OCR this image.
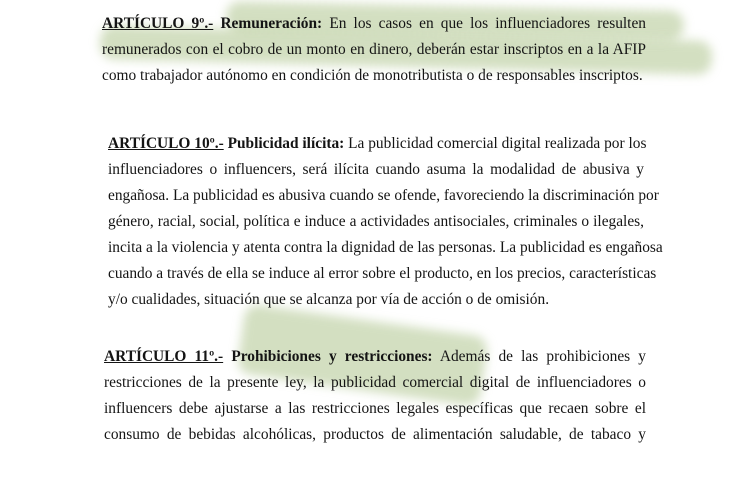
ARTÍCULO 9º.- Remuneración: En los casos en que los influenciadores resulten
remunerados con el cobro de un monto en dinero, deberán estar inscriptos en a la AFIP
como trabajador autónomo en condición de monotributista o de responsables inscriptos.

ARTÍCULO 10º.- Publicidad ilícita: La publicidad comercial digital realizada por los
influenciadores o influencers, será ilícita cuando asuma la modalidad de abusiva y
engañosa. La publicidad es abusiva cuando se ofende, favoreciendo la discriminación por
género, racial, social, política e induce a actividades antisociales, criminales o ilegales,
incita a la violencia y atenta contra la dignidad de las personas. La publicidad es engañosa
cuando a través de ella se induce al error sobre el producto, en los precios, características
y/o cualidades, situación que se alcanza por vía de acción o de omisión.

ARTÍCULO 11º.- Prohibiciones y restricciones: Además de las prohibiciones y
restricciones de la presente ley, la publicidad comercial digital de influenciadores o
influencers debe ajustarse a las restricciones legales específicas que recaen sobre el
consumo de bebidas alcohólicas, productos de alimentación saludable, de tabaco y
